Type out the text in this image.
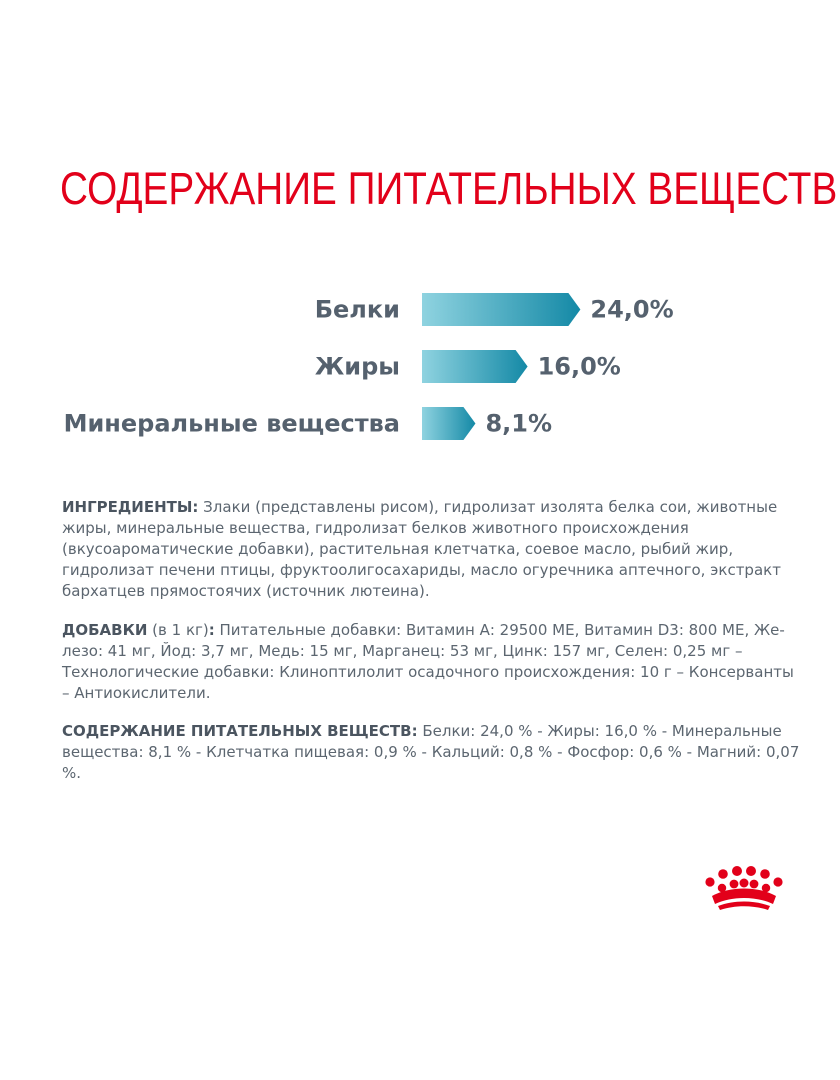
СОДЕРЖАНИЕ ПИТАТЕЛЬНЫХ ВЕЩЕСТВ
Белки	24,0%
Жиры	16,0%
Минеральные вещества	8,1%

ИНГРЕДИЕНТЫ: Злаки (представлены рисом), гидролизат изолята белка сои, животные жиры, минеральные вещества, гидролизат белков животного происхождения (вкусоароматические добавки), растительная клетчатка, соевое масло, рыбий жир, гидролизат печени птицы, фруктоолигосахариды, масло огуречника аптечного, экстракт бархатцев прямостоячих (источник лютеина).

ДОБАВКИ (в 1 кг): Питательные добавки: Витамин А: 29500 МЕ, Витамин D3: 800 МЕ, Же-лезо: 41 мг, Йод: 3,7 мг, Медь: 15 мг, Марганец: 53 мг, Цинк: 157 мг, Селен: 0,25 мг – Технологические добавки: Клиноптилолит осадочного происхождения: 10 г – Консерванты – Антиокислители.

СОДЕРЖАНИЕ ПИТАТЕЛЬНЫХ ВЕЩЕСТВ: Белки: 24,0 % - Жиры: 16,0 % - Минеральные вещества: 8,1 % - Клетчатка пищевая: 0,9 % - Кальций: 0,8 % - Фосфор: 0,6 % - Магний: 0,07 %.
